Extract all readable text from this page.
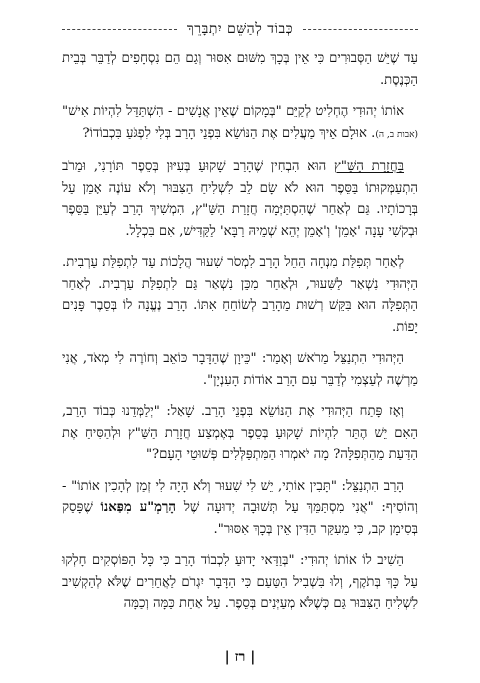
כְּבוֹד לְהַשֵּׁם יִתְבָּרֵךְ

עַד שֶׁיֵּשׁ הַסְּבוּרִים כִּי אֵין בְּכָךְ מִשּׁוּם אִסּוּר וְגַם הֵם נִסְחָפִים לְדַבֵּר בְּבֵית הַכְּנֶסֶת.

אוֹתוֹ יְהוּדִי הֶחְלִיט לְקַיֵּם "בְּמָקוֹם שֶׁאֵין אֲנָשִׁים - הִשְׁתַּדֵּל לִהְיוֹת אִישׁ" (אבות ב, ה). אוּלָם אֵיךְ מַעֲלִים אֶת הַנּוֹשֵׂא בִּפְנֵי הָרַב בְּלִי לִפְגֹּעַ בִּכְבוֹדוֹ?

בַּחֲזָרַת הַשַּׁ"ץ הוּא הִבְחִין שֶׁהָרַב שָׁקוּעַ בְּעִיּוּן בְּסֵפֶר תּוֹרָנִי, וּמֵרֹב הִתְעַמְּקוּתוֹ בַּסֵּפֶר הוּא לֹא שָׂם לֵב לִשְׁלִיחַ הַצִּבּוּר וְלֹא עוֹנֶה אָמֵן עַל בְּרָכוֹתָיו. גַּם לְאַחַר שֶׁהִסְתַּיְּמָה חֲזָרַת הַשַּׁ"ץ, הִמְשִׁיךְ הָרַב לְעַיֵּן בַּסֵּפֶר וּבְקֹשִׁי עָנָה 'אָמֵן' וְ'אָמֵן יְהֵא שְׁמֵיהּ רַבָּא' לַקַּדִּישׁ, אִם בִּכְלָל.

לְאַחַר תְּפִלַּת מִנְחָה הֵחֵל הָרַב לִמְסֹר שִׁעוּר הֲלָכוֹת עַד לִתְפִלַּת עַרְבִית. הַיְּהוּדִי נִשְׁאַר לַשִּׁעוּר, וּלְאַחַר מִכֵּן נִשְׁאַר גַּם לִתְפִלַּת עַרְבִית. לְאַחַר הַתְּפִלָּה הוּא בִּקֵּשׁ רְשׁוּת מֵהָרַב לְשׂוֹחֵחַ אִתּוֹ. הָרַב נֶעֱנָה לוֹ בְּסֵבֶר פָּנִים יָפוֹת.

הַיְּהוּדִי הִתְנַצֵּל מֵרֹאשׁ וְאָמַר: "כֵּיוָן שֶׁהַדָּבָר כּוֹאֵב וְחוֹרֶה לִי מְאֹד, אֲנִי מַרְשֶׁה לְעַצְמִי לְדַבֵּר עִם הָרַב אוֹדוֹת הָעִנְיָן".

וְאָז פָּתַח הַיְּהוּדִי אֶת הַנּוֹשֵׂא בִּפְנֵי הָרַב. שָׁאַל: "יְלַמְּדֵנוּ כְּבוֹד הָרַב, הַאִם יֵשׁ הֶתֵּר לִהְיוֹת שָׁקוּעַ בְּסֵפֶר בְּאֶמְצַע חֲזָרַת הַשַּׁ"ץ וּלְהַסִּיחַ אֶת הַדַּעַת מֵהַתְּפִלָּה? מָה יֹאמְרוּ הַמִּתְפַּלְּלִים פְּשׁוּטֵי הָעָם?"

הָרַב הִתְנַצֵּל: "תָּבִין אוֹתִי, יֵשׁ לִי שִׁעוּר וְלֹא הָיָה לִי זְמַן לְהָכִין אוֹתוֹ" - וְהוֹסִיף: "אֲנִי מִסְתַּמֵּךְ עַל תְּשׁוּבָה יְדוּעָה שֶׁל הָרַמְ"ע מִפַּאנוֹ שֶׁפָּסַק בְּסִימָן קב, כִּי מֵעִקַּר הַדִּין אֵין בְּכָךְ אִסּוּר".

הֵשִׁיב לוֹ אוֹתוֹ יְהוּדִי: "בְּוַדַּאי יָדוּעַ לִכְבוֹד הָרַב כִּי כָּל הַפּוֹסְקִים חָלְקוּ עַל כָּךְ בְּתֹקֶף, וְלוּ בִּשְׁבִיל הַטַּעַם כִּי הַדָּבָר יִגְרֹם לַאֲחֵרִים שֶׁלֹּא לְהַקְשִׁיב לִשְׁלִיחַ הַצִּבּוּר גַּם כְּשֶׁלֹּא מְעַיְּנִים בְּסֵפֶר. עַל אַחַת כַּמָּה וְכַמָּה

| רז |
